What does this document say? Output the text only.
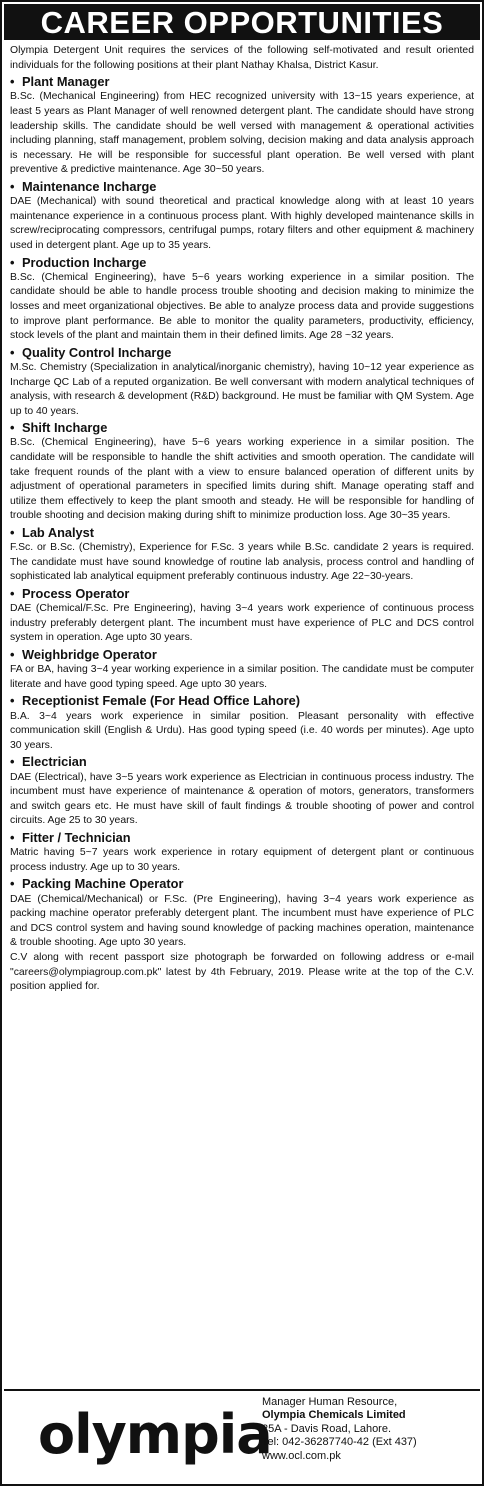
CAREER OPPORTUNITIES

Olympia Detergent Unit requires the services of the following self-motivated and result oriented individuals for the following positions at their plant Nathay Khalsa, District Kasur.

• Plant Manager

B.Sc. (Mechanical Engineering) from HEC recognized university with 13~15 years experience, at least 5 years as Plant Manager of well renowned detergent plant. The candidate should have strong leadership skills. The candidate should be well versed with management & operational activities including planning, staff management, problem solving, decision making and data analysis approach is necessary. He will be responsible for successful plant operation. Be well versed with plant preventive & predictive maintenance. Age 30~50 years.

• Maintenance Incharge

DAE (Mechanical) with sound theoretical and practical knowledge along with at least 10 years maintenance experience in a continuous process plant. With highly developed maintenance skills in screw/reciprocating compressors, centrifugal pumps, rotary filters and other equipment & machinery used in detergent plant. Age up to 35 years.

• Production Incharge

B.Sc. (Chemical Engineering), have 5~6 years working experience in a similar position. The candidate should be able to handle process trouble shooting and decision making to minimize the losses and meet organizational objectives. Be able to analyze process data and provide suggestions to improve plant performance. Be able to monitor the quality parameters, productivity, efficiency, stock levels of the plant and maintain them in their defined limits. Age 28 ~32 years.

• Quality Control Incharge

M.Sc. Chemistry (Specialization in analytical/inorganic chemistry), having 10~12 year experience as Incharge QC Lab of a reputed organization. Be well conversant with modern analytical techniques of analysis, with research & development (R&D) background. He must be familiar with QM System. Age up to 40 years.

• Shift Incharge

B.Sc. (Chemical Engineering), have 5~6 years working experience in a similar position. The candidate will be responsible to handle the shift activities and smooth operation. The candidate will take frequent rounds of the plant with a view to ensure balanced operation of different units by adjustment of operational parameters in specified limits during shift. Manage operating staff and utilize them effectively to keep the plant smooth and steady. He will be responsible for handling of trouble shooting and decision making during shift to minimize production loss. Age 30~35 years.

• Lab Analyst

F.Sc. or B.Sc. (Chemistry), Experience for F.Sc. 3 years while B.Sc. candidate 2 years is required. The candidate must have sound knowledge of routine lab analysis, process control and handling of sophisticated lab analytical equipment preferably continuous industry. Age 22~30-years.

• Process Operator

DAE (Chemical/F.Sc. Pre Engineering), having 3~4 years work experience of continuous process industry preferably detergent plant. The incumbent must have experience of PLC and DCS control system in operation. Age upto 30 years.

• Weighbridge Operator

FA or BA, having 3~4 year working experience in a similar position. The candidate must be computer literate and have good typing speed. Age upto 30 years.

• Receptionist Female (For Head Office Lahore)

B.A. 3~4 years work experience in similar position. Pleasant personality with effective communication skill (English & Urdu). Has good typing speed (i.e. 40 words per minutes). Age upto 30 years.

• Electrician

DAE (Electrical), have 3~5 years work experience as Electrician in continuous process industry. The incumbent must have experience of maintenance & operation of motors, generators, transformers and switch gears etc. He must have skill of fault findings & trouble shooting of power and control circuits. Age 25 to 30 years.

• Fitter / Technician

Matric having 5~7 years work experience in rotary equipment of detergent plant or continuous process industry. Age up to 30 years.

• Packing Machine Operator

DAE (Chemical/Mechanical) or F.Sc. (Pre Engineering), having 3~4 years work experience as packing machine operator preferably detergent plant. The incumbent must have experience of PLC and DCS control system and having sound knowledge of packing machines operation, maintenance & trouble shooting. Age upto 30 years.

C.V along with recent passport size photograph be forwarded on following address or e-mail "careers@olympiagroup.com.pk" latest by 4th February, 2019. Please write at the top of the C.V. position applied for.

olympia
Manager Human Resource,
Olympia Chemicals Limited
25A - Davis Road, Lahore.
Tel: 042-36287740-42 (Ext 437)
www.ocl.com.pk
